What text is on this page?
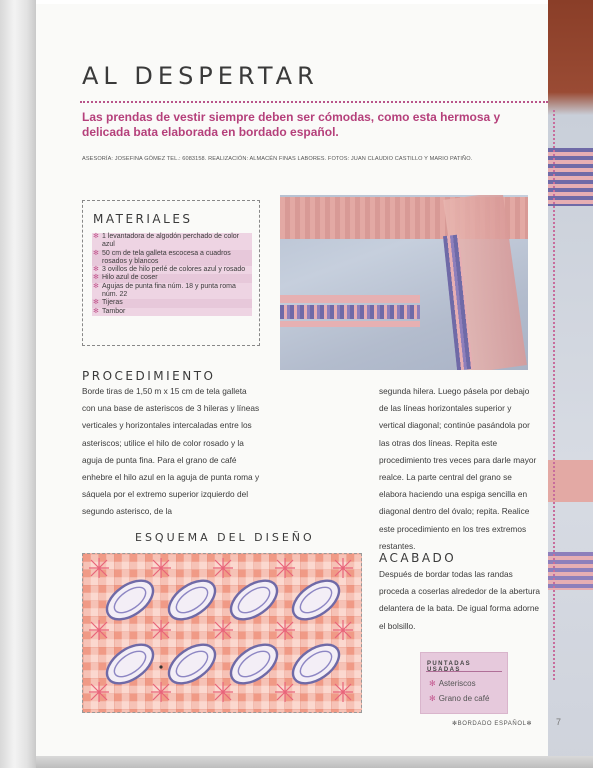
AL DESPERTAR

Las prendas de vestir siempre deben ser cómodas, como esta hermosa y delicada bata elaborada en bordado español.

ASESORÍA: JOSEFINA GÓMEZ TEL.: 6083158. REALIZACIÓN: ALMACÉN FINAS LABORES. FOTOS: JUAN CLAUDIO CASTILLO Y MARIO PATIÑO.

MATERIALES
✻ 1 levantadora de algodón perchado de color azul
✻ 50 cm de tela galleta escocesa a cuadros rosados y blancos
✻ 3 ovillos de hilo perlé de colores azul y rosado
✻ Hilo azul de coser
✻ Agujas de punta fina núm. 18 y punta roma núm. 22
✻ Tijeras
✻ Tambor
PROCEDIMIENTO

Borde tiras de 1,50 m x 15 cm de tela galleta con una base de asteriscos de 3 hileras y líneas verticales y horizontales intercaladas entre los asteriscos; utilice el hilo de color rosado y la aguja de punta fina. Para el grano de café enhebre el hilo azul en la aguja de punta roma y sáquela por el extremo superior izquierdo del segundo asterisco, de la

segunda hilera. Luego pásela por debajo de las líneas horizontales superior y vertical diagonal; continúe pasándola por las otras dos líneas. Repita este procedimiento tres veces para darle mayor realce. La parte central del grano se elabora haciendo una espiga sencilla en diagonal dentro del óvalo; repita. Realice este procedimiento en los tres extremos restantes.

ESQUEMA DEL DISEÑO
ACABADO

Después de bordar todas las randas proceda a coserlas alrededor de la abertura delantera de la bata. De igual forma adorne el bolsillo.

PUNTADAS USADAS
✻ Asteriscos
✻ Grano de café
✻BORDADO ESPAÑOL✻	7
